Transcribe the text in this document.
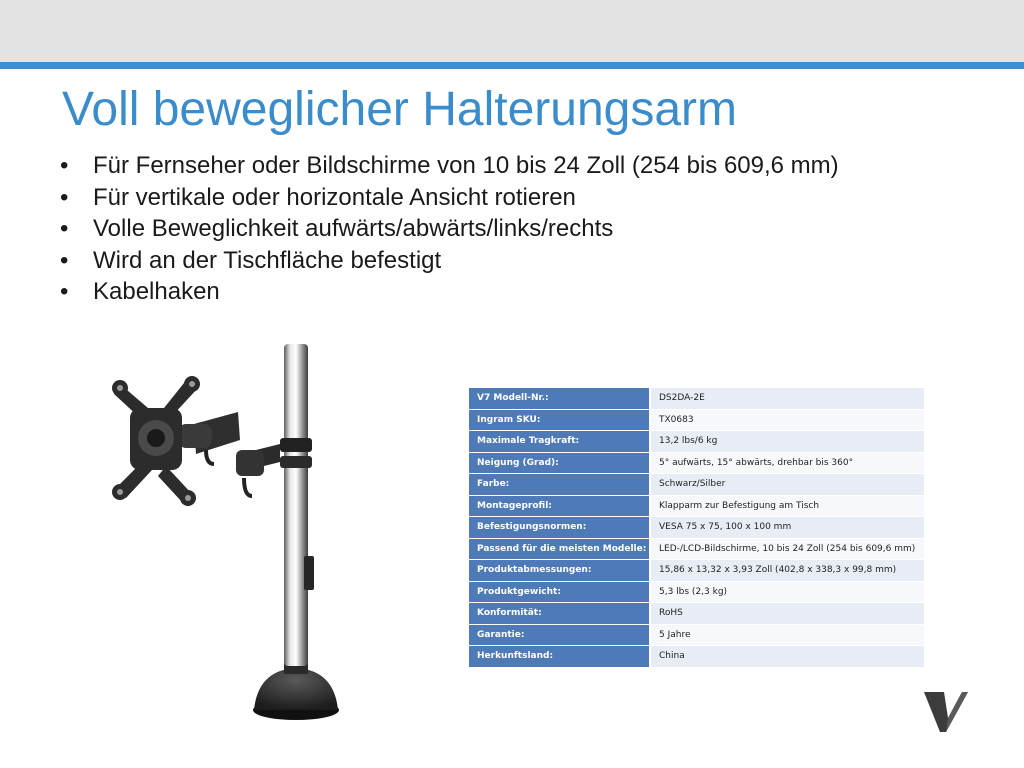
Voll beweglicher Halterungsarm
• Für Fernseher oder Bildschirme von 10 bis 24 Zoll (254 bis 609,6 mm)
• Für vertikale oder horizontale Ansicht rotieren
• Volle Beweglichkeit aufwärts/abwärts/links/rechts
• Wird an der Tischfläche befestigt
• Kabelhaken
V7 Modell-Nr.:	DS2DA-2E
Ingram SKU:	TX0683
Maximale Tragkraft:	13,2 lbs/6 kg
Neigung (Grad):	5° aufwärts, 15° abwärts, drehbar bis 360°
Farbe:	Schwarz/Silber
Montageprofil:	Klapparm zur Befestigung am Tisch
Befestigungsnormen:	VESA 75 x 75, 100 x 100 mm
Passend für die meisten Modelle:	LED-/LCD-Bildschirme, 10 bis 24 Zoll (254 bis 609,6 mm)
Produktabmessungen:	15,86 x 13,32 x 3,93 Zoll (402,8 x 338,3 x 99,8 mm)
Produktgewicht:	5,3 lbs (2,3 kg)
Konformität:	RoHS
Garantie:	5 Jahre
Herkunftsland:	China
